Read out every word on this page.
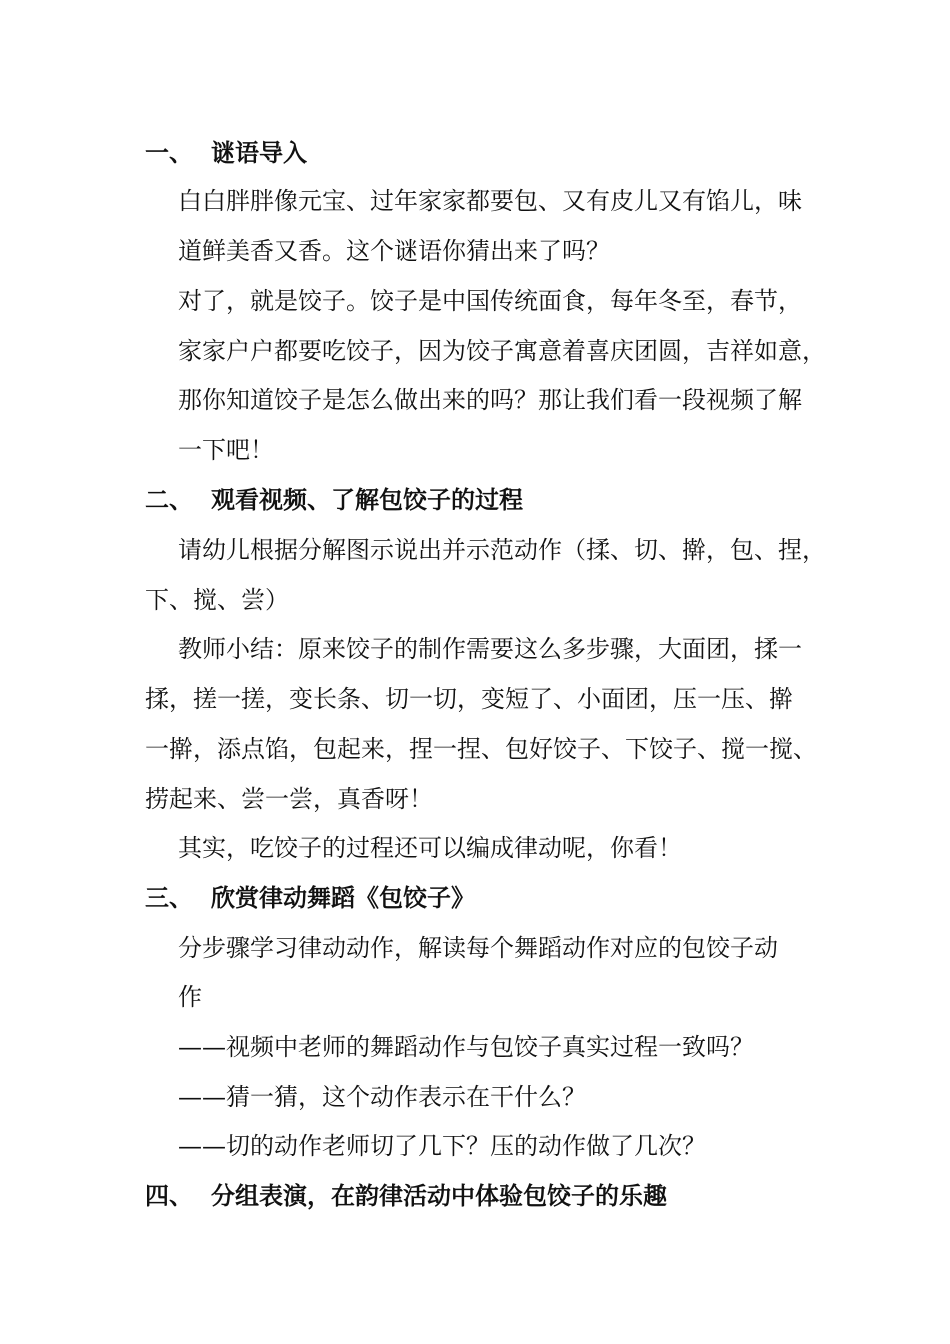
一、 谜语导入
白白胖胖像元宝、过年家家都要包、又有皮儿又有馅儿，味
道鲜美香又香。这个谜语你猜出来了吗？
对了，就是饺子。饺子是中国传统面食，每年冬至，春节，
家家户户都要吃饺子，因为饺子寓意着喜庆团圆，吉祥如意，
那你知道饺子是怎么做出来的吗？那让我们看一段视频了解
一下吧！
二、 观看视频、了解包饺子的过程
请幼儿根据分解图示说出并示范动作（揉、切、擀，包、捏，
下、搅、尝）
教师小结：原来饺子的制作需要这么多步骤，大面团，揉一
揉，搓一搓，变长条、切一切，变短了、小面团，压一压、擀
一擀，添点馅，包起来，捏一捏、包好饺子、下饺子、搅一搅、
捞起来、尝一尝，真香呀！
其实，吃饺子的过程还可以编成律动呢，你看！
三、 欣赏律动舞蹈《包饺子》
分步骤学习律动动作，解读每个舞蹈动作对应的包饺子动
作
——视频中老师的舞蹈动作与包饺子真实过程一致吗？
——猜一猜，这个动作表示在干什么？
——切的动作老师切了几下？压的动作做了几次？
四、 分组表演，在韵律活动中体验包饺子的乐趣
